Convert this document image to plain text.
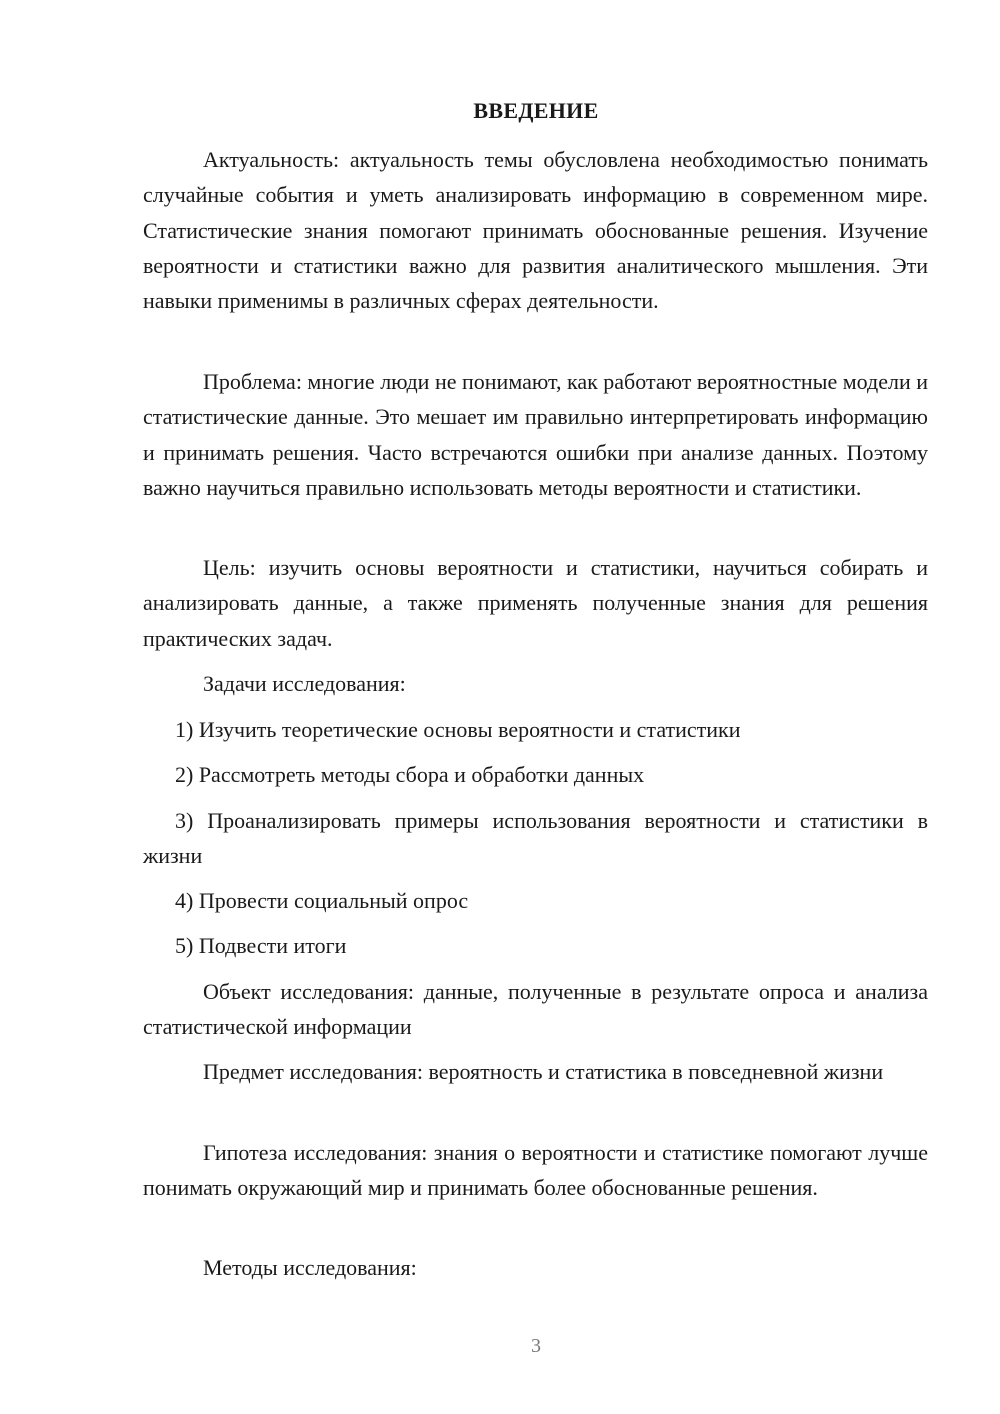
ВВЕДЕНИЕ

Актуальность: актуальность темы обусловлена необходимостью понимать случайные события и уметь анализировать информацию в современном мире. Статистические знания помогают принимать обоснованные решения. Изучение вероятности и статистики важно для развития аналитического мышления. Эти навыки применимы в различных сферах деятельности.

Проблема: многие люди не понимают, как работают вероятностные модели и статистические данные. Это мешает им правильно интерпретировать информацию и принимать решения. Часто встречаются ошибки при анализе данных. Поэтому важно научиться правильно использовать методы вероятности и статистики.

Цель: изучить основы вероятности и статистики, научиться собирать и анализировать данные, а также применять полученные знания для решения практических задач.

Задачи исследования:

1) Изучить теоретические основы вероятности и статистики

2) Рассмотреть методы сбора и обработки данных

3) Проанализировать примеры использования вероятности и статистики в жизни

4) Провести социальный опрос

5) Подвести итоги

Объект исследования: данные, полученные в результате опроса и анализа статистической информации

Предмет исследования: вероятность и статистика в повседневной жизни

Гипотеза исследования: знания о вероятности и статистике помогают лучше понимать окружающий мир и принимать более обоснованные решения.

Методы исследования:

3
